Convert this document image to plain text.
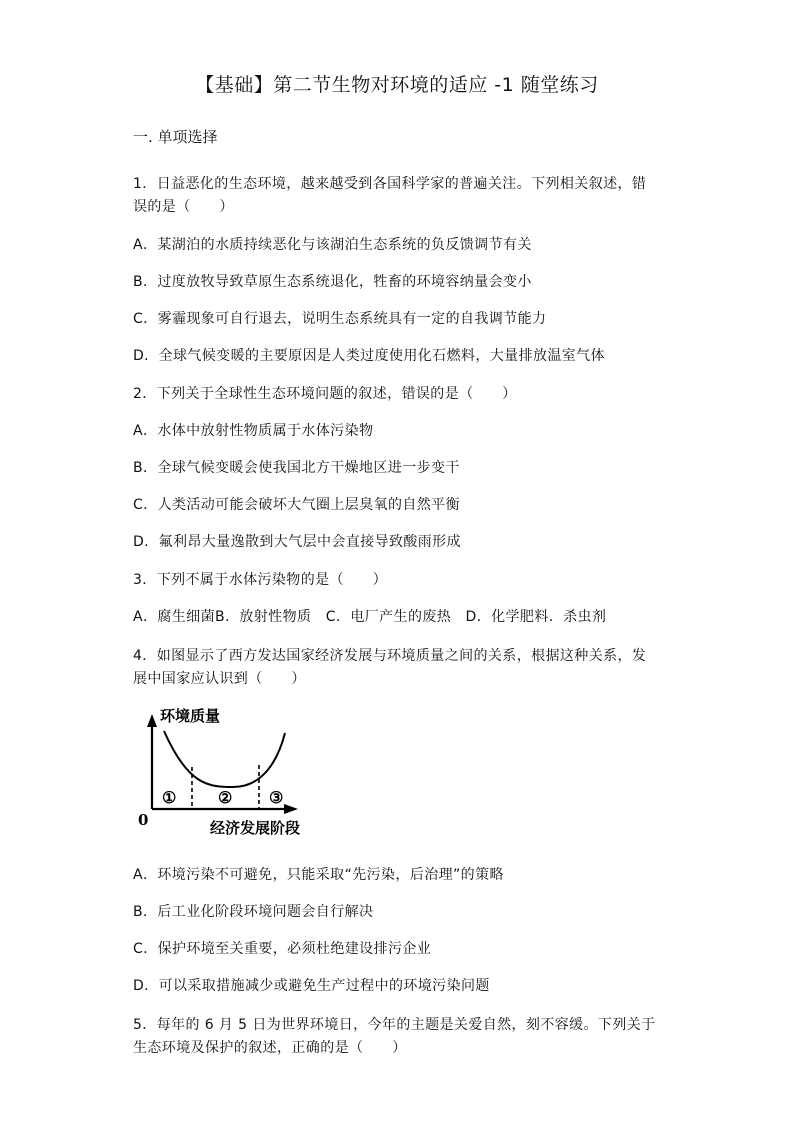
【基础】第二节生物对环境的适应 -1 随堂练习
一. 单项选择
1．日益恶化的生态环境，越来越受到各国科学家的普遍关注。下列相关叙述，错
误的是（　　）
A．某湖泊的水质持续恶化与该湖泊生态系统的负反馈调节有关
B．过度放牧导致草原生态系统退化，牲畜的环境容纳量会变小
C．雾霾现象可自行退去，说明生态系统具有一定的自我调节能力
D．全球气候变暖的主要原因是人类过度使用化石燃料，大量排放温室气体
2．下列关于全球性生态环境问题的叙述，错误的是（　　）
A．水体中放射性物质属于水体污染物
B．全球气候变暖会使我国北方干燥地区进一步变干
C．人类活动可能会破坏大气圈上层臭氧的自然平衡
D．氟利昂大量逸散到大气层中会直接导致酸雨形成
3．下列不属于水体污染物的是（　　）
A．腐生细菌B．放射性物质　C．电厂产生的废热　D．化学肥料．杀虫剂
4．如图显示了西方发达国家经济发展与环境质量之间的关系，根据这种关系，发
展中国家应认识到（　　）
环境质量
0	经济发展阶段
①	② ③
A．环境污染不可避免，只能采取“先污染，后治理”的策略
B．后工业化阶段环境问题会自行解决
C．保护环境至关重要，必须杜绝建设排污企业
D．可以采取措施减少或避免生产过程中的环境污染问题
5．每年的 6 月 5 日为世界环境日，今年的主题是关爱自然，刻不容缓。下列关于
生态环境及保护的叙述，正确的是（　　）
